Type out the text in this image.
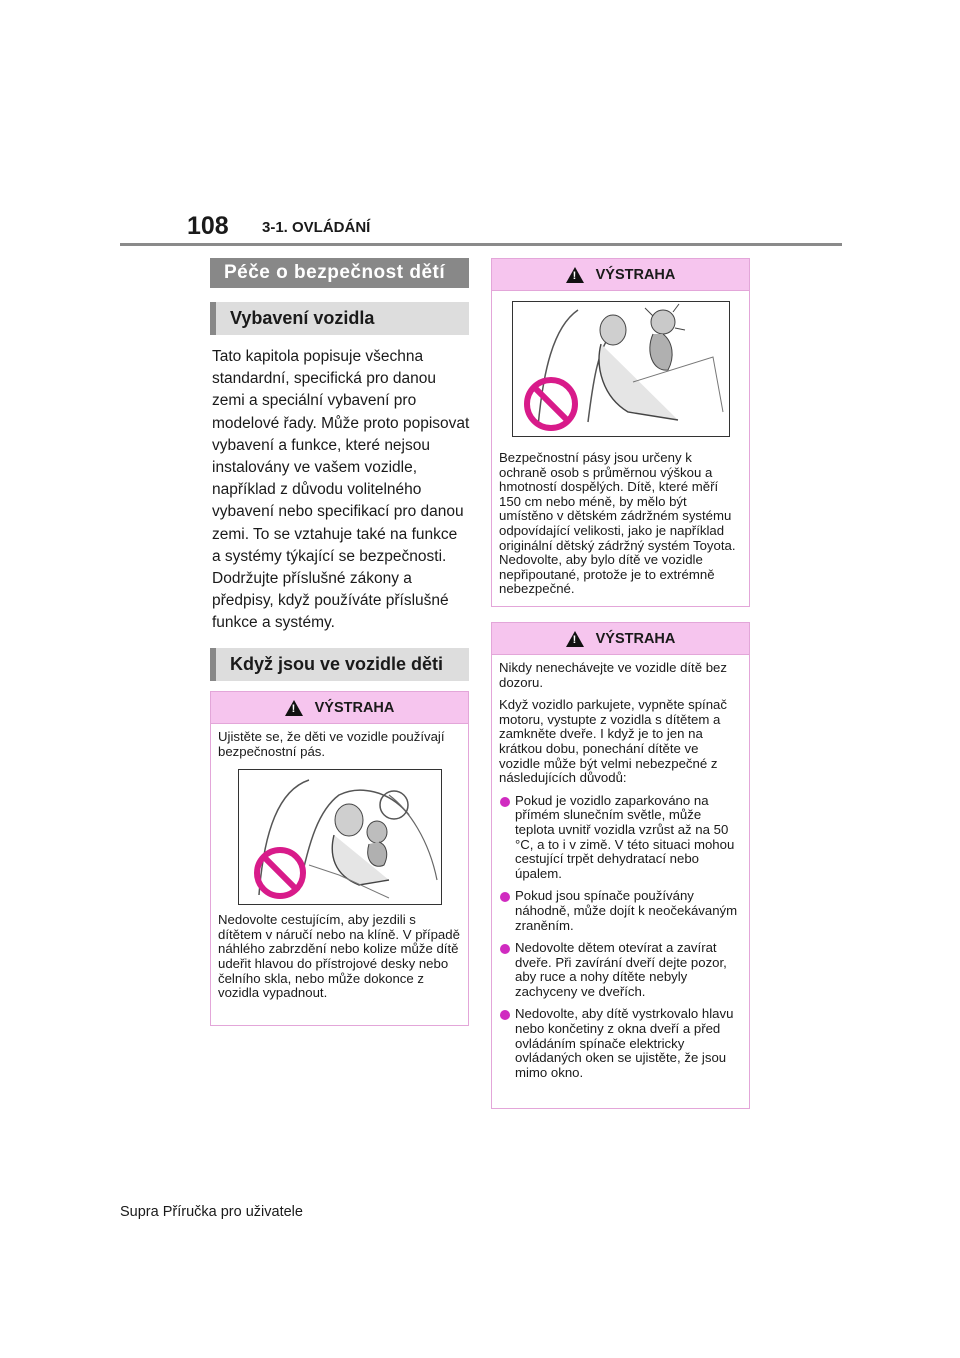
108 3-1. OVLÁDÁNÍ
Péče o bezpečnost dětí
Vybavení vozidla
Tato kapitola popisuje všechna standardní, specifická pro danou zemi a speciální vybavení pro modelové řady. Může proto popisovat vybavení a funkce, které nejsou instalovány ve vašem vozidle, například z důvodu volitelného vybavení nebo specifikací pro danou zemi. To se vztahuje také na funkce a systémy týkající se bezpečnosti. Dodržujte příslušné zákony a předpisy, když používáte příslušné funkce a systémy.
Když jsou ve vozidle děti
! VÝSTRAHA

Ujistěte se, že děti ve vozidle používají bezpečnostní pás.

Nedovolte cestujícím, aby jezdili s dítětem v náručí nebo na klíně. V případě náhlého zabrzdění nebo kolize může dítě udeřit hlavou do přístrojové desky nebo čelního skla, nebo může dokonce z vozidla vypadnout.

! VÝSTRAHA

Bezpečnostní pásy jsou určeny k ochraně osob s průměrnou výškou a hmotností dospělých. Dítě, které měří 150 cm nebo méně, by mělo být umístěno v dětském zádržném systému odpovídající velikosti, jako je například originální dětský zádržný systém Toyota. Nedovolte, aby bylo dítě ve vozidle nepřipoutané, protože je to extrémně nebezpečné.

! VÝSTRAHA

Nikdy nenechávejte ve vozidle dítě bez dozoru.

Když vozidlo parkujete, vypněte spínač motoru, vystupte z vozidla s dítětem a zamkněte dveře. I když je to jen na krátkou dobu, ponechání dítěte ve vozidle může být velmi nebezpečné z následujících důvodů:

Pokud je vozidlo zaparkováno na přímém slunečním světle, může teplota uvnitř vozidla vzrůst až na 50 °C, a to i v zimě. V této situaci mohou cestující trpět dehydratací nebo úpalem.
Pokud jsou spínače používány náhodně, může dojít k neočekávaným zraněním.
Nedovolte dětem otevírat a zavírat dveře. Při zavírání dveří dejte pozor, aby ruce a nohy dítěte nebyly zachyceny ve dveřích.
Nedovolte, aby dítě vystrkovalo hlavu nebo končetiny z okna dveří a před ovládáním spínače elektricky ovládaných oken se ujistěte, že jsou mimo okno.
Supra Příručka pro uživatele
